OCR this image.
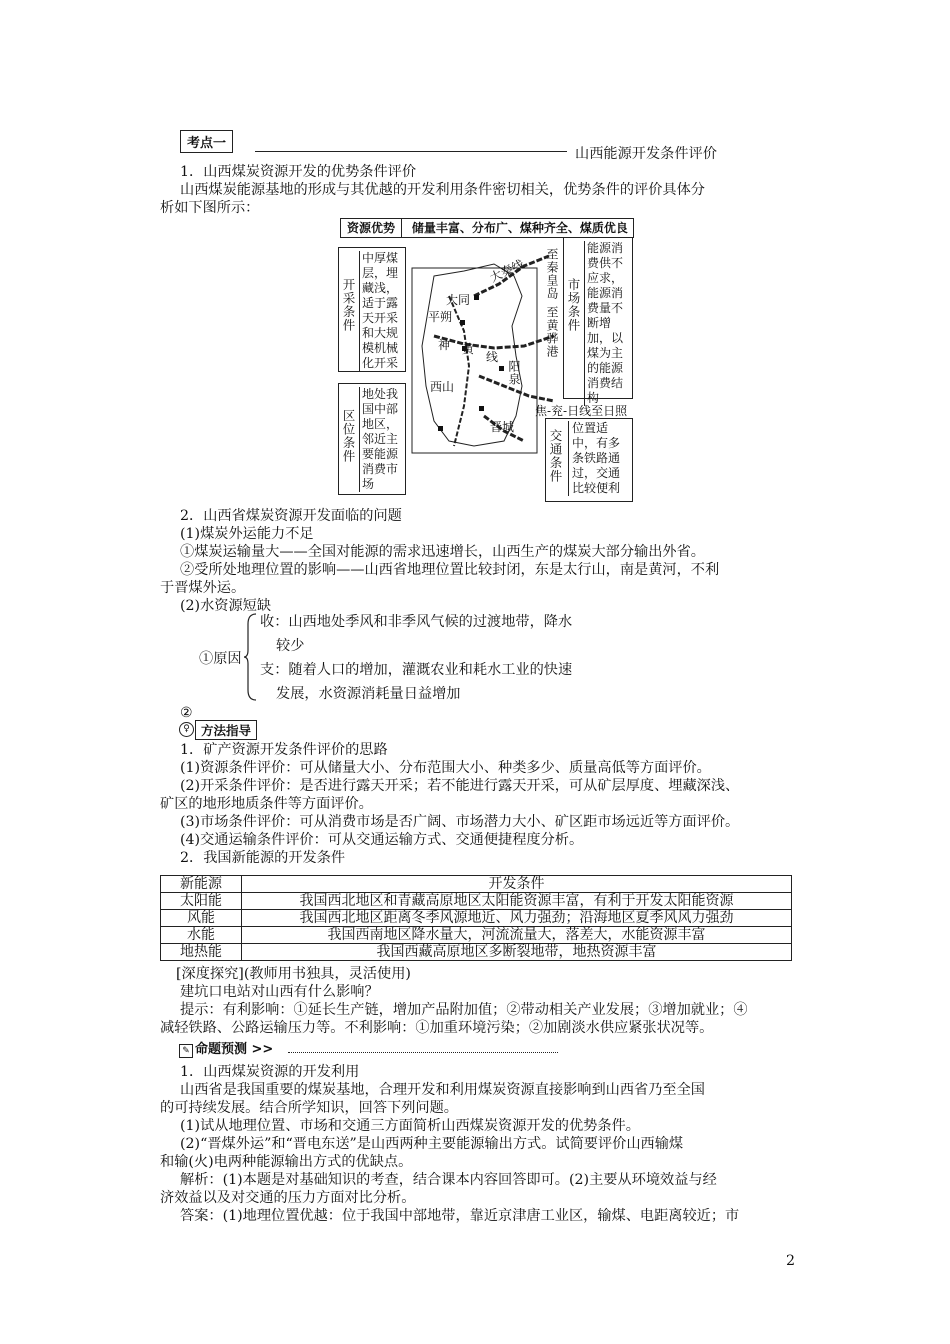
考点一
山西能源开发条件评价
1．山西煤炭资源开发的优势条件评价
山西煤炭能源基地的形成与其优越的开发利用条件密切相关，优势条件的评价具体分
析如下图所示：
资源优势 储量丰富、分布广、煤种齐全、煤质优良
开采条件
中厚煤层，埋藏浅，适于露天开采和大规模机械化开采
区位条件
地处我国中部地区，邻近主要能源消费市场
市场条件
能源消费供不应求，能源消费量不断增加，以煤为主的能源消费结构
交通条件
位置适中，有多条铁路通过，交通比较便利
大同
平朔
大秦线
神 黄
线
西山
阳泉
晋城
至秦皇岛
至黄骅港
焦-兖-日线至日照
2．山西省煤炭资源开发面临的问题
(1)煤炭外运能力不足
①煤炭运输量大——全国对能源的需求迅速增长，山西生产的煤炭大部分输出外省。
②受所处地理位置的影响——山西省地理位置比较封闭，东是太行山，南是黄河，不利
于晋煤外运。
(2)水资源短缺
①原因
收：山西地处季风和非季风气候的过渡地带，降水
较少
支：随着人口的增加，灌溉农业和耗水工业的快速
发展，水资源消耗量日益增加
②
♀ 方法指导
1．矿产资源开发条件评价的思路
(1)资源条件评价：可从储量大小、分布范围大小、种类多少、质量高低等方面评价。
(2)开采条件评价：是否进行露天开采；若不能进行露天开采，可从矿层厚度、埋藏深浅、
矿区的地形地质条件等方面评价。
(3)市场条件评价：可从消费市场是否广阔、市场潜力大小、矿区距市场远近等方面评价。
(4)交通运输条件评价：可从交通运输方式、交通便捷程度分析。
2．我国新能源的开发条件
新能源	开发条件
太阳能	我国西北地区和青藏高原地区太阳能资源丰富，有利于开发太阳能资源
风能	我国西北地区距离冬季风源地近、风力强劲；沿海地区夏季风风力强劲
水能	我国西南地区降水量大，河流流量大，落差大，水能资源丰富
地热能	我国西藏高原地区多断裂地带，地热资源丰富
[深度探究](教师用书独具，灵活使用)
建坑口电站对山西有什么影响？
提示：有利影响：①延长生产链，增加产品附加值；②带动相关产业发展；③增加就业；④
减轻铁路、公路运输压力等。不利影响：①加重环境污染；②加剧淡水供应紧张状况等。
✎ 命题预测 >>
1．山西煤炭资源的开发利用
山西省是我国重要的煤炭基地，合理开发和利用煤炭资源直接影响到山西省乃至全国
的可持续发展。结合所学知识，回答下列问题。
(1)试从地理位置、市场和交通三方面简析山西煤炭资源开发的优势条件。
(2)“晋煤外运”和“晋电东送”是山西两种主要能源输出方式。试简要评价山西输煤
和输(火)电两种能源输出方式的优缺点。
解析：(1)本题是对基础知识的考查，结合课本内容回答即可。(2)主要从环境效益与经
济效益以及对交通的压力方面对比分析。
答案：(1)地理位置优越：位于我国中部地带，靠近京津唐工业区，输煤、电距离较近；市
2
